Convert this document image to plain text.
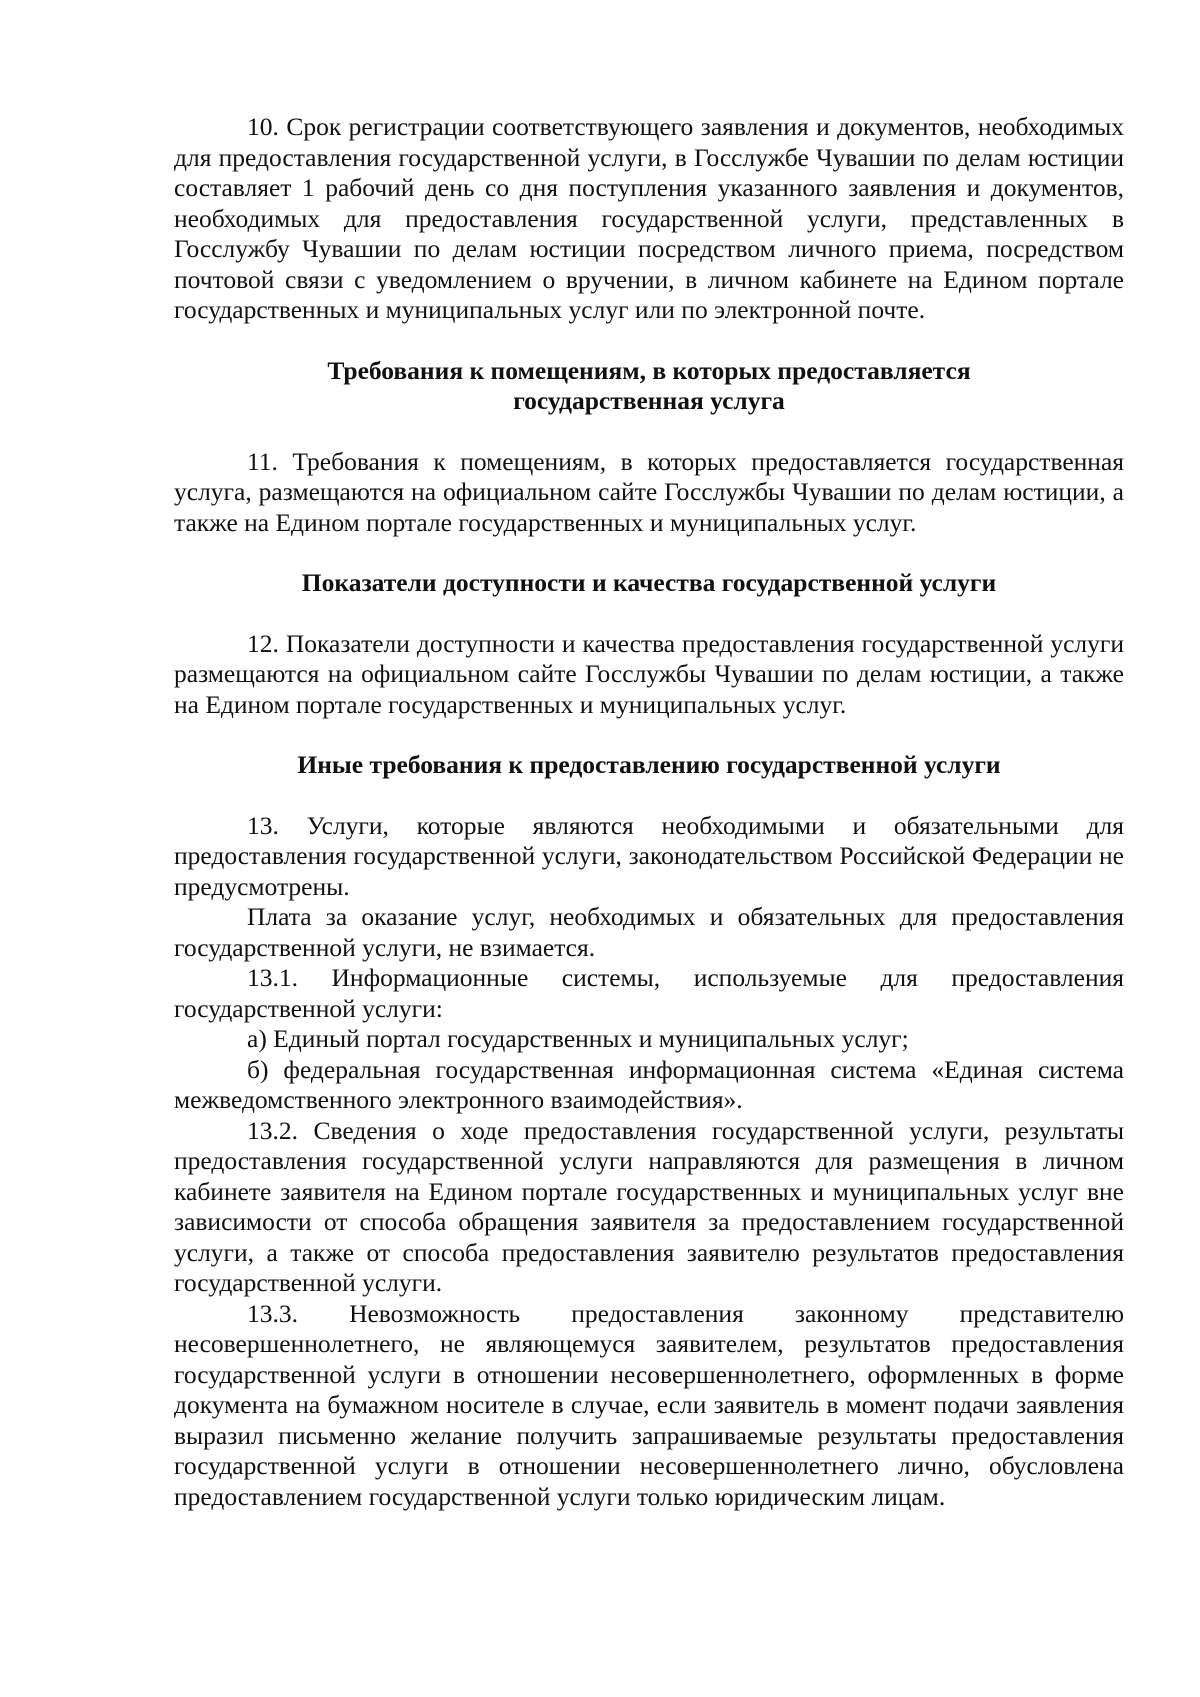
10. Срок регистрации соответствующего заявления и документов, необходимых для предоставления государственной услуги, в Госслужбе Чувашии по делам юстиции составляет 1 рабочий день со дня поступления указанного заявления и документов, необходимых для предоставления государственной услуги, представленных в Госслужбу Чувашии по делам юстиции посредством личного приема, посредством почтовой связи с уведомлением о вручении, в личном кабинете на Едином портале государственных и муниципальных услуг или по электронной почте.

Требования к помещениям, в которых предоставляется

государственная услуга

11. Требования к помещениям, в которых предоставляется государственная услуга, размещаются на официальном сайте Госслужбы Чувашии по делам юстиции, а также на Едином портале государственных и муниципальных услуг.

Показатели доступности и качества государственной услуги

12. Показатели доступности и качества предоставления государственной услуги размещаются на официальном сайте Госслужбы Чувашии по делам юстиции, а также на Едином портале государственных и муниципальных услуг.

Иные требования к предоставлению государственной услуги

13. Услуги, которые являются необходимыми и обязательными для предоставления государственной услуги, законодательством Российской Федерации не предусмотрены.

Плата за оказание услуг, необходимых и обязательных для предоставления государственной услуги, не взимается.

13.1. Информационные системы, используемые для предоставления государственной услуги:

а) Единый портал государственных и муниципальных услуг;

б) федеральная государственная информационная система «Единая система межведомственного электронного взаимодействия».

13.2. Сведения о ходе предоставления государственной услуги, результаты предоставления государственной услуги направляются для размещения в личном кабинете заявителя на Едином портале государственных и муниципальных услуг вне зависимости от способа обращения заявителя за предоставлением государственной услуги, а также от способа предоставления заявителю результатов предоставления государственной услуги.

13.3. Невозможность предоставления законному представителю несовершеннолетнего, не являющемуся заявителем, результатов предоставления государственной услуги в отношении несовершеннолетнего, оформленных в форме документа на бумажном носителе в случае, если заявитель в момент подачи заявления выразил письменно желание получить запрашиваемые результаты предоставления государственной услуги в отношении несовершеннолетнего лично, обусловлена предоставлением государственной услуги только юридическим лицам.
